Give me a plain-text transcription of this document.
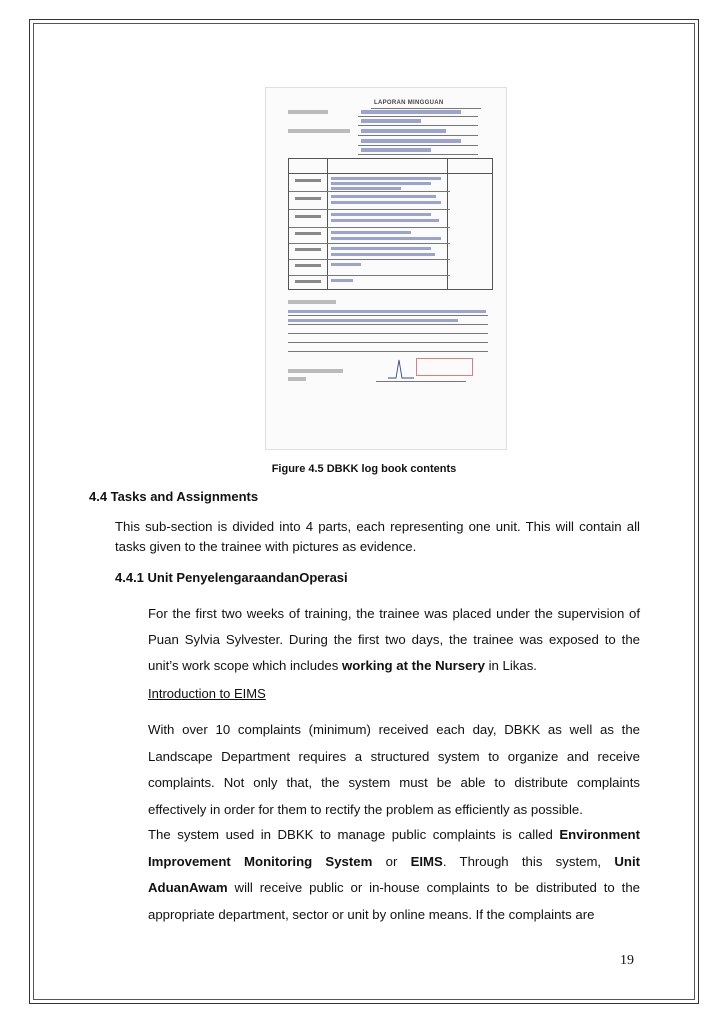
LAPORAN MINGGUAN
Figure 4.5 DBKK log book contents
4.4 Tasks and Assignments
This sub-section is divided into 4 parts, each representing one unit. This will contain all tasks given to the trainee with pictures as evidence.
4.4.1 Unit PenyelengaraandanOperasi
For the first two weeks of training, the trainee was placed under the supervision of Puan Sylvia Sylvester. During the first two days, the trainee was exposed to the unit’s work scope which includes working at the Nursery in Likas.
Introduction to EIMS
With over 10 complaints (minimum) received each day, DBKK as well as the Landscape Department requires a structured system to organize and receive complaints. Not only that, the system must be able to distribute complaints effectively in order for them to rectify the problem as efficiently as possible.
The system used in DBKK to manage public complaints is called Environment Improvement Monitoring System or EIMS. Through this system, Unit AduanAwam will receive public or in-house complaints to be distributed to the appropriate department, sector or unit by online means. If the complaints are
19
